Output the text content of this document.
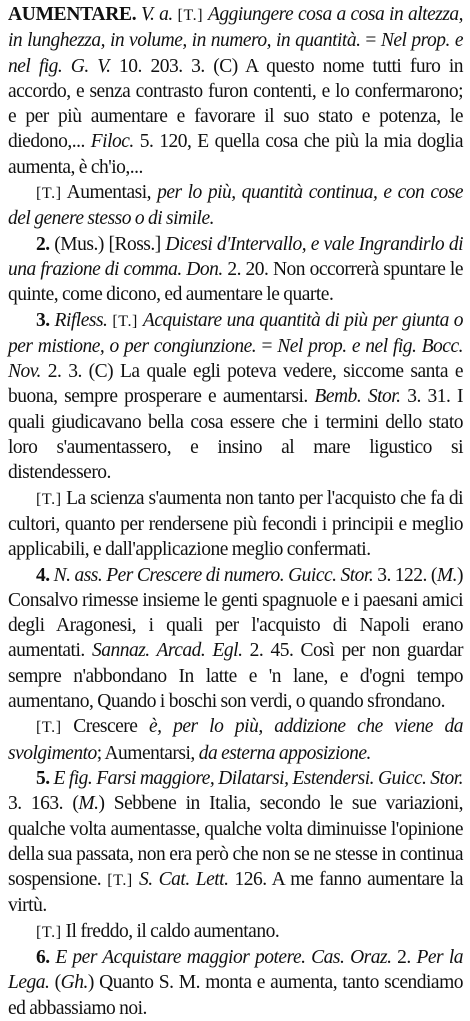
AUMENTARE. V. a. [T.] Aggiungere cosa a cosa in altezza, in lunghezza, in volume, in numero, in quantità. = Nel prop. e nel fig. G. V. 10. 203. 3. (C) A questo nome tutti furo in accordo, e senza contrasto furon contenti, e lo confermarono; e per più aumentare e favorare il suo stato e potenza, le diedono,... Filoc. 5. 120, E quella cosa che più la mia doglia aumenta, è ch'io,...

[T.] Aumentasi, per lo più, quantità continua, e con cose del genere stesso o di simile.

2. (Mus.) [Ross.] Dicesi d'Intervallo, e vale Ingrandirlo di una frazione di comma. Don. 2. 20. Non occorrerà spuntare le quinte, come dicono, ed aumentare le quarte.

3. Rifless. [T.] Acquistare una quantità di più per giunta o per mistione, o per congiunzione. = Nel prop. e nel fig. Bocc. Nov. 2. 3. (C) La quale egli poteva vedere, siccome santa e buona, sempre prosperare e aumentarsi. Bemb. Stor. 3. 31. I quali giudicavano bella cosa essere che i termini dello stato loro s'aumentassero, e insino al mare ligustico si distendessero.

[T.] La scienza s'aumenta non tanto per l'acquisto che fa di cultori, quanto per rendersene più fecondi i principii e meglio applicabili, e dall'applicazione meglio confermati.

4. N. ass. Per Crescere di numero. Guicc. Stor. 3. 122. (M.) Consalvo rimesse insieme le genti spagnuole e i paesani amici degli Aragonesi, i quali per l'acquisto di Napoli erano aumentati. Sannaz. Arcad. Egl. 2. 45. Così per non guardar sempre n'abbondano In latte e 'n lane, e d'ogni tempo aumentano, Quando i boschi son verdi, o quando sfrondano.

[T.] Crescere è, per lo più, addizione che viene da svolgimento; Aumentarsi, da esterna apposizione.

5. E fig. Farsi maggiore, Dilatarsi, Estendersi. Guicc. Stor. 3. 163. (M.) Sebbene in Italia, secondo le sue variazioni, qualche volta aumentasse, qualche volta diminuisse l'opinione della sua passata, non era però che non se ne stesse in continua sospensione. [T.] S. Cat. Lett. 126. A me fanno aumentare la virtù.

[T.] Il freddo, il caldo aumentano.

6. E per Acquistare maggior potere. Cas. Oraz. 2. Per la Lega. (Gh.) Quanto S. M. monta e aumenta, tanto scendiamo ed abbassiamo noi.
